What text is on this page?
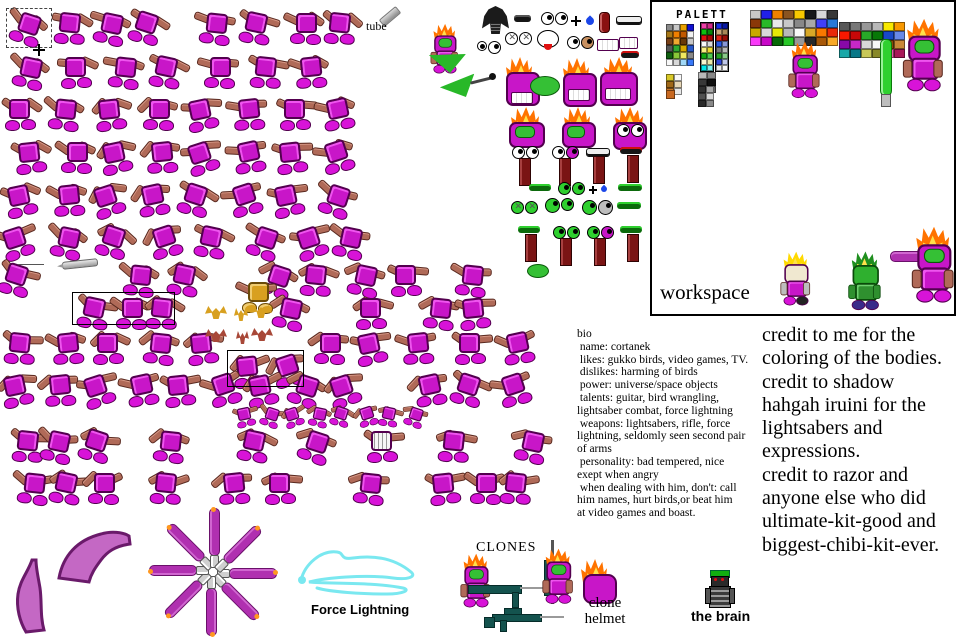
tube
✕
✕
✕
✕
PALETT
workspace
bio
name: cortanek
likes: gukko birds, video games, TV.
dislikes: harming of birds
power: universe/space objects
talents: guitar, bird wrangling,
lightsaber combat, force lightning
weapons: lightsabers, rifle, force
lightning, seldomly seen second pair
of arms
personality: bad tempered, nice
exept when angry
when dealing with him, don't: call
him names, hurt birds,or beat him
at video games and boast.
credit to me for the
coloring of the bodies.
credit to shadow
hahgah iruini for the
lightsabers and
expressions.
credit to razor and
anyone else who did
ultimate-kit-good and
biggest-chibi-kit-ever.
Force Lightning
CLONES
clone
helmet	the brain
